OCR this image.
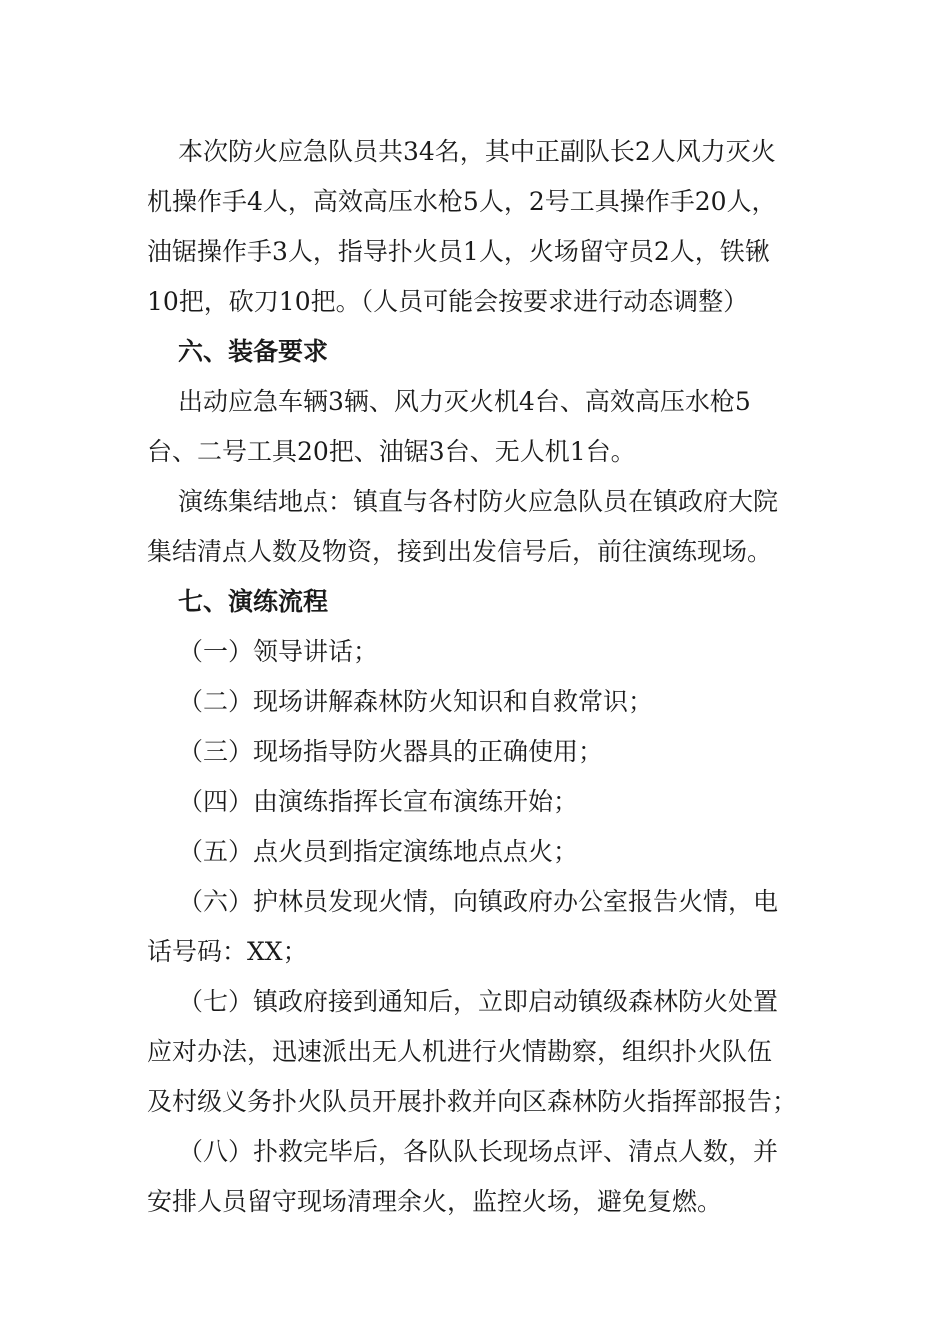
本次防火应急队员共34名，其中正副队长2人风力灭火
机操作手4人，高效高压水枪5人，2号工具操作手20人，
油锯操作手3人，指导扑火员1人，火场留守员2人，铁锹
10把，砍刀10把。（人员可能会按要求进行动态调整）
六、装备要求
出动应急车辆3辆、风力灭火机4台、高效高压水枪5
台、二号工具20把、油锯3台、无人机1台。
演练集结地点：镇直与各村防火应急队员在镇政府大院
集结清点人数及物资，接到出发信号后，前往演练现场。
七、演练流程
（一）领导讲话；
（二）现场讲解森林防火知识和自救常识；
（三）现场指导防火器具的正确使用；
（四）由演练指挥长宣布演练开始；
（五）点火员到指定演练地点点火；
（六）护林员发现火情，向镇政府办公室报告火情，电
话号码：XX；
（七）镇政府接到通知后，立即启动镇级森林防火处置
应对办法，迅速派出无人机进行火情勘察，组织扑火队伍
及村级义务扑火队员开展扑救并向区森林防火指挥部报告；
（八）扑救完毕后，各队队长现场点评、清点人数，并
安排人员留守现场清理余火，监控火场，避免复燃。
